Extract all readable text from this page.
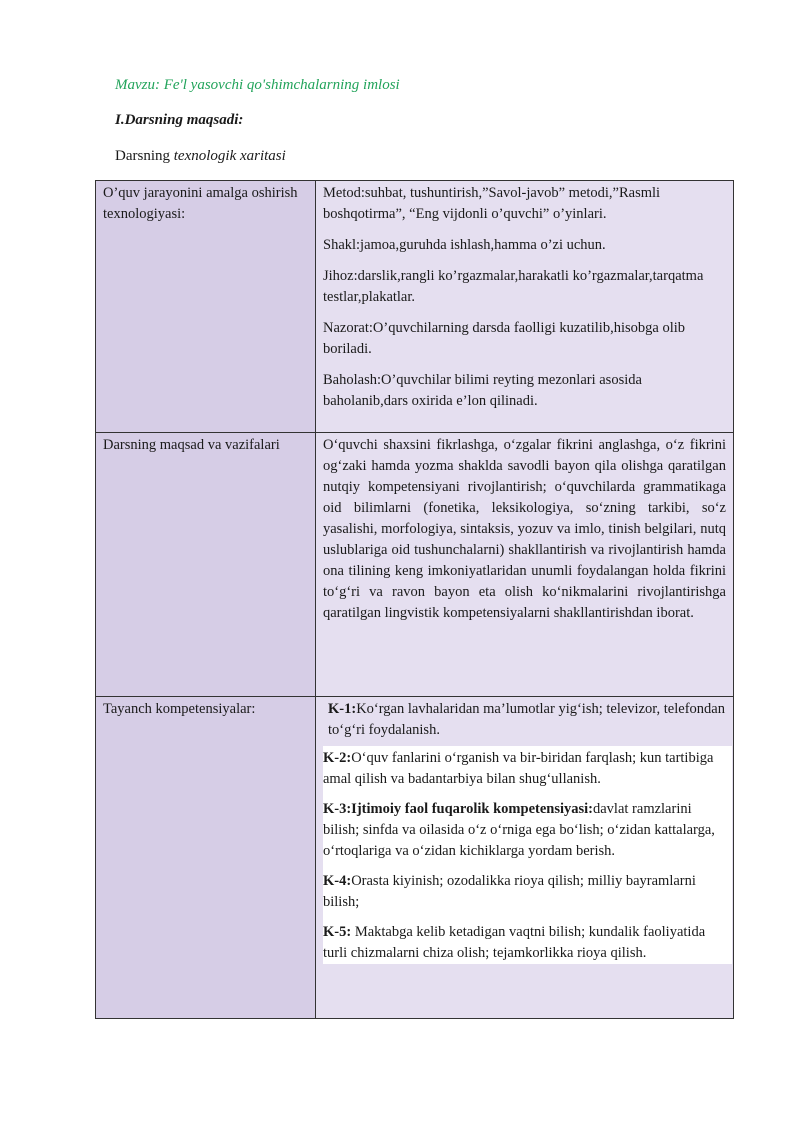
Mavzu: Fe'l yasovchi qo'shimchalarning imlosi
I.Darsning maqsadi:
Darsning texnologik xaritasi
O’quv jarayonini amalga oshirish texnologiyasi:	Metod:suhbat, tushuntirish,”Savol-javob” metodi,”Rasmli boshqotirma”, “Eng vijdonli o’quvchi” o’yinlari.

Shakl:jamoa,guruhda ishlash,hamma o’zi uchun.

Jihoz:darslik,rangli ko’rgazmalar,harakatli ko’rgazmalar,tarqatma testlar,plakatlar.

Nazorat:O’quvchilarning darsda faolligi kuzatilib,hisobga olib boriladi.

Baholash:O’quvchilar bilimi reyting mezonlari asosida baholanib,dars oxirida e’lon qilinadi.

Darsning maqsad va vazifalari	O‘quvchi shaxsini fikrlashga, o‘zgalar fikrini anglashga, o‘z fikrini og‘zaki hamda yozma shaklda savodli bayon qila olishga qaratilgan nutqiy kompetensiyani rivojlantirish; o‘quvchilarda grammatikaga oid bilimlarni (fonetika, leksikologiya, so‘zning tarkibi, so‘z yasalishi, morfologiya, sintaksis, yozuv va imlo, tinish belgilari, nutq uslublariga oid tushunchalarni) shakllantirish va rivojlantirish hamda ona tilining keng imkoniyatlaridan unumli foydalangan holda fikrini to‘g‘ri va ravon bayon eta olish ko‘nikmalarini rivojlantirishga qaratilgan lingvistik kompetensiyalarni shakllantirishdan iborat.
Tayanch kompetensiyalar:	K-1:Ko‘rgan lavhalaridan ma’lumotlar yig‘ish; televizor, telefondan to‘g‘ri foydalanish.

K-2:O‘quv fanlarini o‘rganish va bir-biridan farqlash; kun tartibiga amal qilish va badantarbiya bilan shug‘ullanish.

K-3:Ijtimoiy faol fuqarolik kompetensiyasi:davlat ramzlarini bilish; sinfda va oilasida o‘z o‘rniga ega bo‘lish; o‘zidan kattalarga, o‘rtoqlariga va o‘zidan kichiklarga yordam berish.

K-4:Orasta kiyinish; ozodalikka rioya qilish; milliy bayramlarni bilish;

K-5: Maktabga kelib ketadigan vaqtni bilish; kundalik faoliyatida turli chizmalarni chiza olish; tejamkorlikka rioya qilish.
